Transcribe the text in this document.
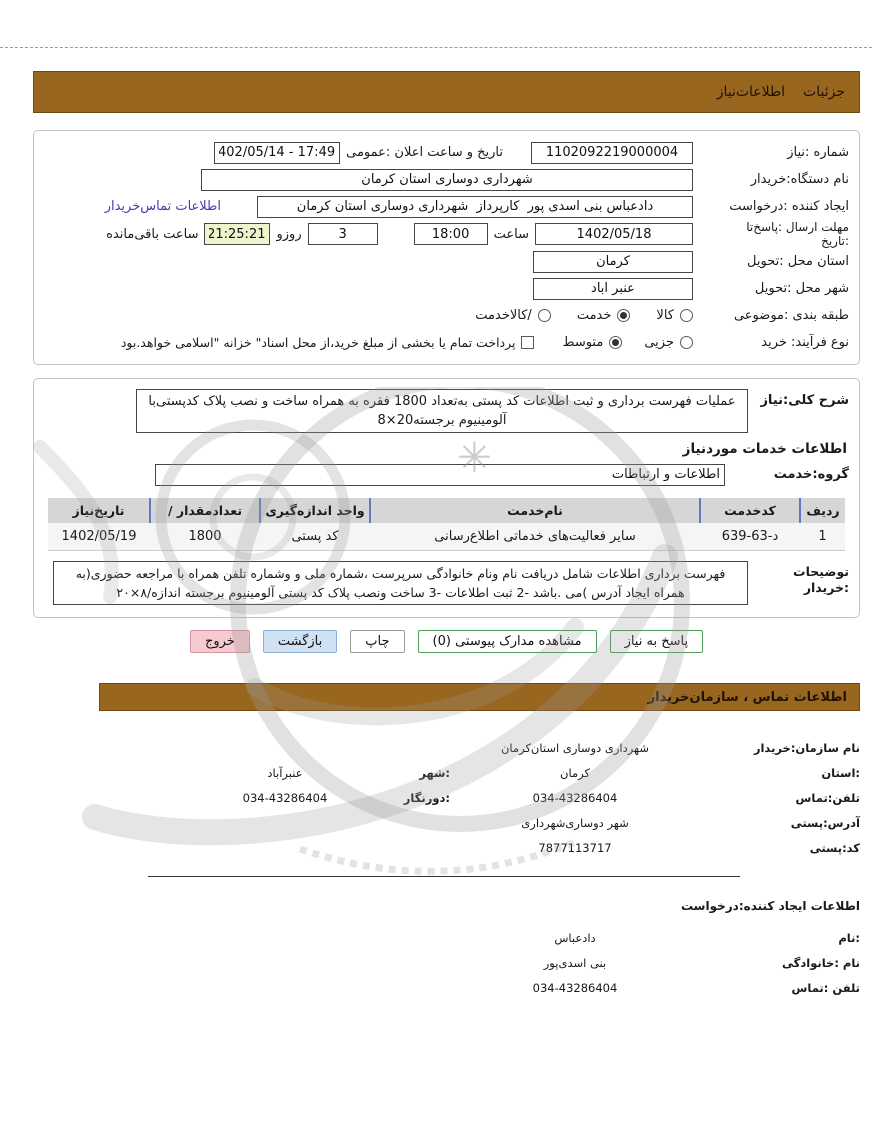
✳
جزئیات
اطلاعات‌نیاز
شماره :نیاز
1102092219000004
تاریخ و ساعت اعلان :عمومی
17:49 - 1402/05/14
نام دستگاه:خریدار
شهرداری دوساری استان کرمان
ایجاد کننده :درخواست
دادعباس بنی اسدی پور کارپرداز شهرداری دوساری استان کرمان
اطلاعات تماس‌خریدار
مهلت ارسال :پاسخ‌تا
:تاریخ
1402/05/18
ساعت
18:00
3
روزو
21:25:21
ساعت باقی‌مانده
استان محل :تحویل
کرمان
شهر محل :تحویل
عنبر آباد
طبقه بندی :موضوعی
کالا
خدمت
/کالاخدمت
نوع فرآیند: خرید
جزیی
متوسط
پرداخت تمام یا بخشی از مبلغ خرید،از محل اسناد" خزانه "اسلامی خواهد.بود
شرح کلی:نیاز
عملیات فهرست برداری و ثبت اطلاعات کد پستی به‌تعداد 1800 فقره به همراه ساخت و نصب پلاک کدپستی‌با آلومینیوم برجسته20×8
اطلاعات خدمات موردنیاز
گروه:خدمت
اطلاعات و ارتباطات
ردیف	کدخدمت	نام‌خدمت	واحد اندازه‌گیری	تعدادمقدار /	تاریخ‌نیاز
1	د-63-639	سایر فعالیت‌های خدماتی اطلاع‌رسانی	کد پستی	1800	1402/05/19
توضیحات
:خریدار
فهرست برداری اطلاعات شامل دریافت نام ونام خانوادگی سرپرست ،شماره ملی و وشماره تلفن همراه با مراجعه حضوری(به همراه ایجاد آدرس )می .باشد -2 ثبت اطلاعات -3 ساخت ونصب پلاک کد پستی آلومینیوم برجسته اندازه/۸×۲۰
پاسخ به نیاز
مشاهده مدارک پیوستی (0)
چاپ
بازگشت
خروج
اطلاعات تماس ، سازمان‌خریدار
نام سازمان:خریدار
شهرداری دوساری استان‌کرمان
:استان
کرمان
:شهر
عنبرآباد
تلفن:تماس
034-43286404
:دورنگار
034-43286404
آدرس:پستی
شهر دوساری‌شهرداری
کد:پستی
7877113717
اطلاعات ایجاد کننده:درخواست
:نام
دادعباس
نام :خانوادگی
بنی اسدی‌پور
تلفن :تماس
034-43286404
